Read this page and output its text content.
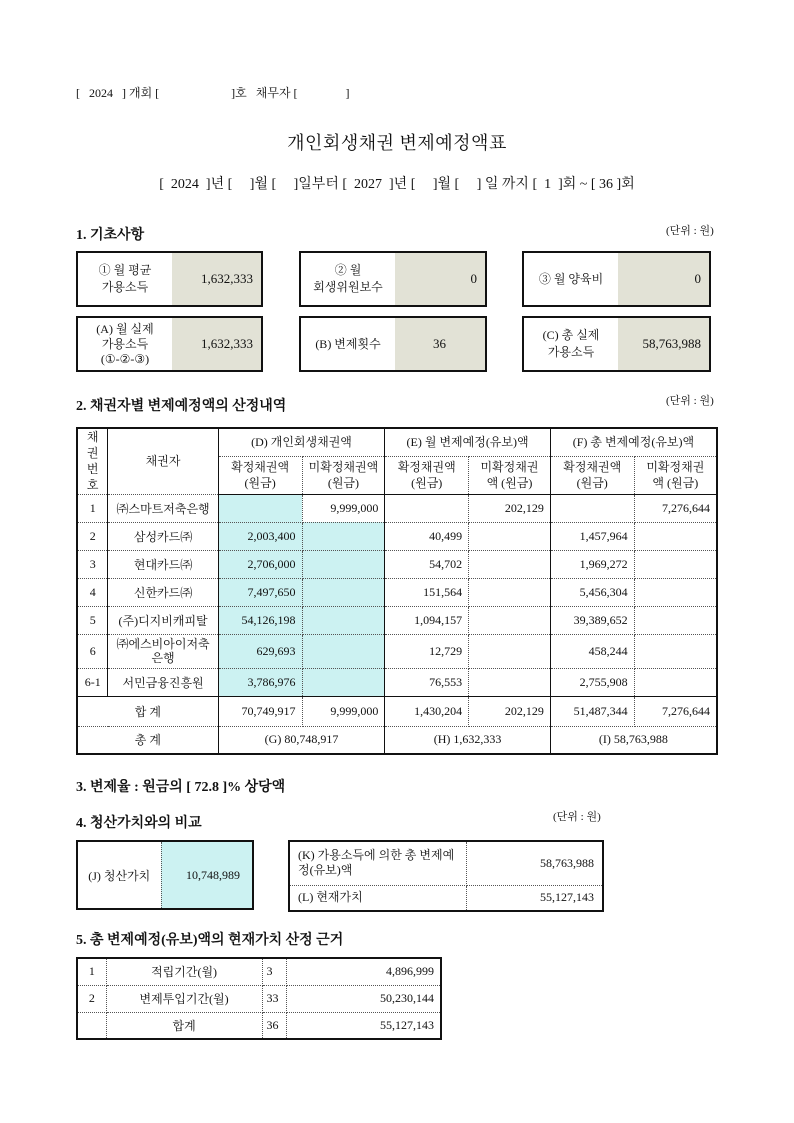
[   2024   ] 개회 [                        ]호   채무자 [                ]
개인회생채권 변제예정액표
[  2024  ]년 [     ]월 [     ]일부터 [  2027  ]년 [     ]월 [     ] 일 까지 [  1  ]회 ~ [ 36 ]회
1. 기초사항	(단위 : 원)
① 월 평균
가용소득
1,632,333
② 월
회생위원보수
0	③ 월 양육비	0
(A) 월 실제
가용소득
(①-②-③)
1,632,333	(B) 변제횟수	36
(C) 총 실제
가용소득
58,763,988
2. 채권자별 변제예정액의 산정내역	(단위 : 원)
채권 번호	채권자	(D) 개인회생채권액		(E) 월 변제예정(유보)액		(F) 총 변제예정(유보)액	
		확정채권액 (원금)	미확정채권액 (원금)	확정채권액 (원금)	미확정채권액 (원금)	확정채권액 (원금)	미확정채권액 (원금)
1	㈜스마트저축은행		9,999,000		202,129		7,276,644
2	삼성카드㈜	2,003,400		40,499		1,457,964	
3	현대카드㈜	2,706,000		54,702		1,969,272	
4	신한카드㈜	7,497,650		151,564		5,456,304	
5	(주)디지비캐피탈	54,126,198		1,094,157		39,389,652	
6	㈜에스비아이저축은행	629,693		12,729		458,244	
6-1	서민금융진흥원	3,786,976		76,553		2,755,908	
합 계		70,749,917	9,999,000	1,430,204	202,129	51,487,344	7,276,644
총 계		(G) 80,748,917		(H) 1,632,333		(I) 58,763,988	
3. 변제율 : 원금의 [ 72.8 ]% 상당액
4. 청산가치와의 비교	(단위 : 원)
(J) 청산가치	10,748,989
(K) 가용소득에 의한 총 변제예정(유보)액	58,763,988
(L) 현재가치	55,127,143
5. 총 변제예정(유보)액의 현재가치 산정 근거
1	적립기간(월)	3	4,896,999
2	변제투입기간(월)	33	50,230,144
	합계	36	55,127,143
